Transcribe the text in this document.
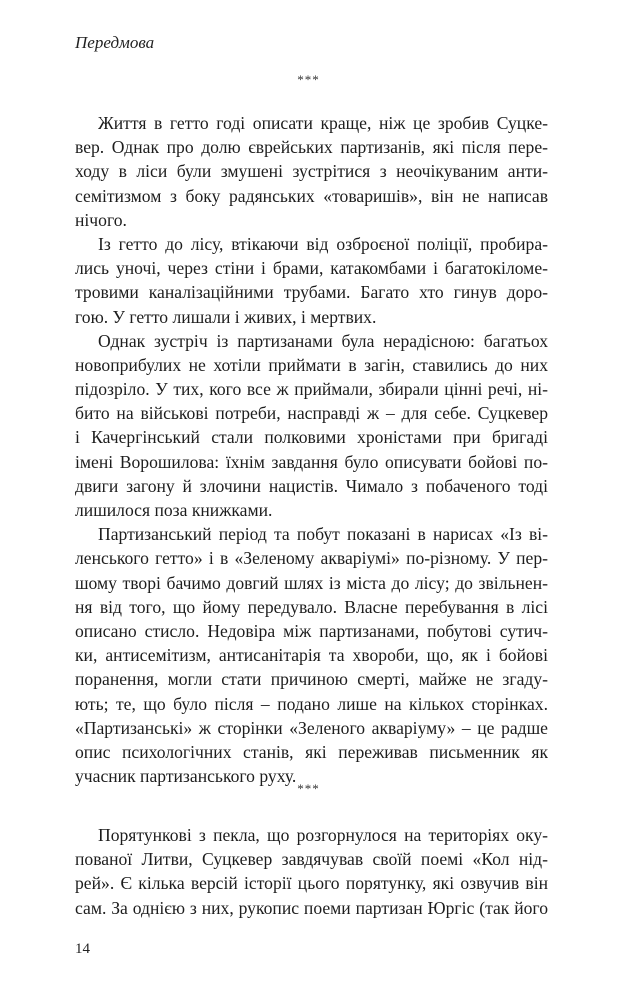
Передмова
***
Життя в гетто годі описати краще, ніж це зробив Суцке-
вер. Однак про долю єврейських партизанів, які після пере-
ходу в ліси були змушені зустрітися з неочікуваним анти-
семітизмом з боку радянських «товаришів», він не написав
нічого.
Із гетто до лісу, втікаючи від озброєної поліції, пробира-
лись уночі, через стіни і брами, катакомбами і багатокіломе-
тровими каналізаційними трубами. Багато хто гинув доро-
гою. У гетто лишали і живих, і мертвих.
Однак зустріч із партизанами була нерадісною: багатьох
новоприбулих не хотіли приймати в загін, ставились до них
підозріло. У тих, кого все ж приймали, збирали цінні речі, ні-
бито на військові потреби, насправді ж – для себе. Суцкевер
і Качергінський стали полковими хроністами при бригаді
імені Ворошилова: їхнім завдання було описувати бойові по-
двиги загону й злочини нацистів. Чимало з побаченого тоді
лишилося поза книжками.
Партизанський період та побут показані в нарисах «Із ві-
ленського гетто» і в «Зеленому акваріумі» по-різному. У пер-
шому творі бачимо довгий шлях із міста до лісу; до звільнен-
ня від того, що йому передувало. Власне перебування в лісі
описано стисло. Недовіра між партизанами, побутові сутич-
ки, антисемітизм, антисанітарія та хвороби, що, як і бойові
поранення, могли стати причиною смерті, майже не згаду-
ють; те, що було після – подано лише на кількох сторінках.
«Партизанські» ж сторінки «Зеленого акваріуму» – це радше
опис психологічних станів, які переживав письменник як
учасник партизанського руху.
***
Порятункові з пекла, що розгорнулося на територіях оку-
пованої Литви, Суцкевер завдячував своїй поемі «Кол нід-
рей». Є кілька версій історії цього порятунку, які озвучив він
сам. За однією з них, рукопис поеми партизан Юргіс (так його
14
